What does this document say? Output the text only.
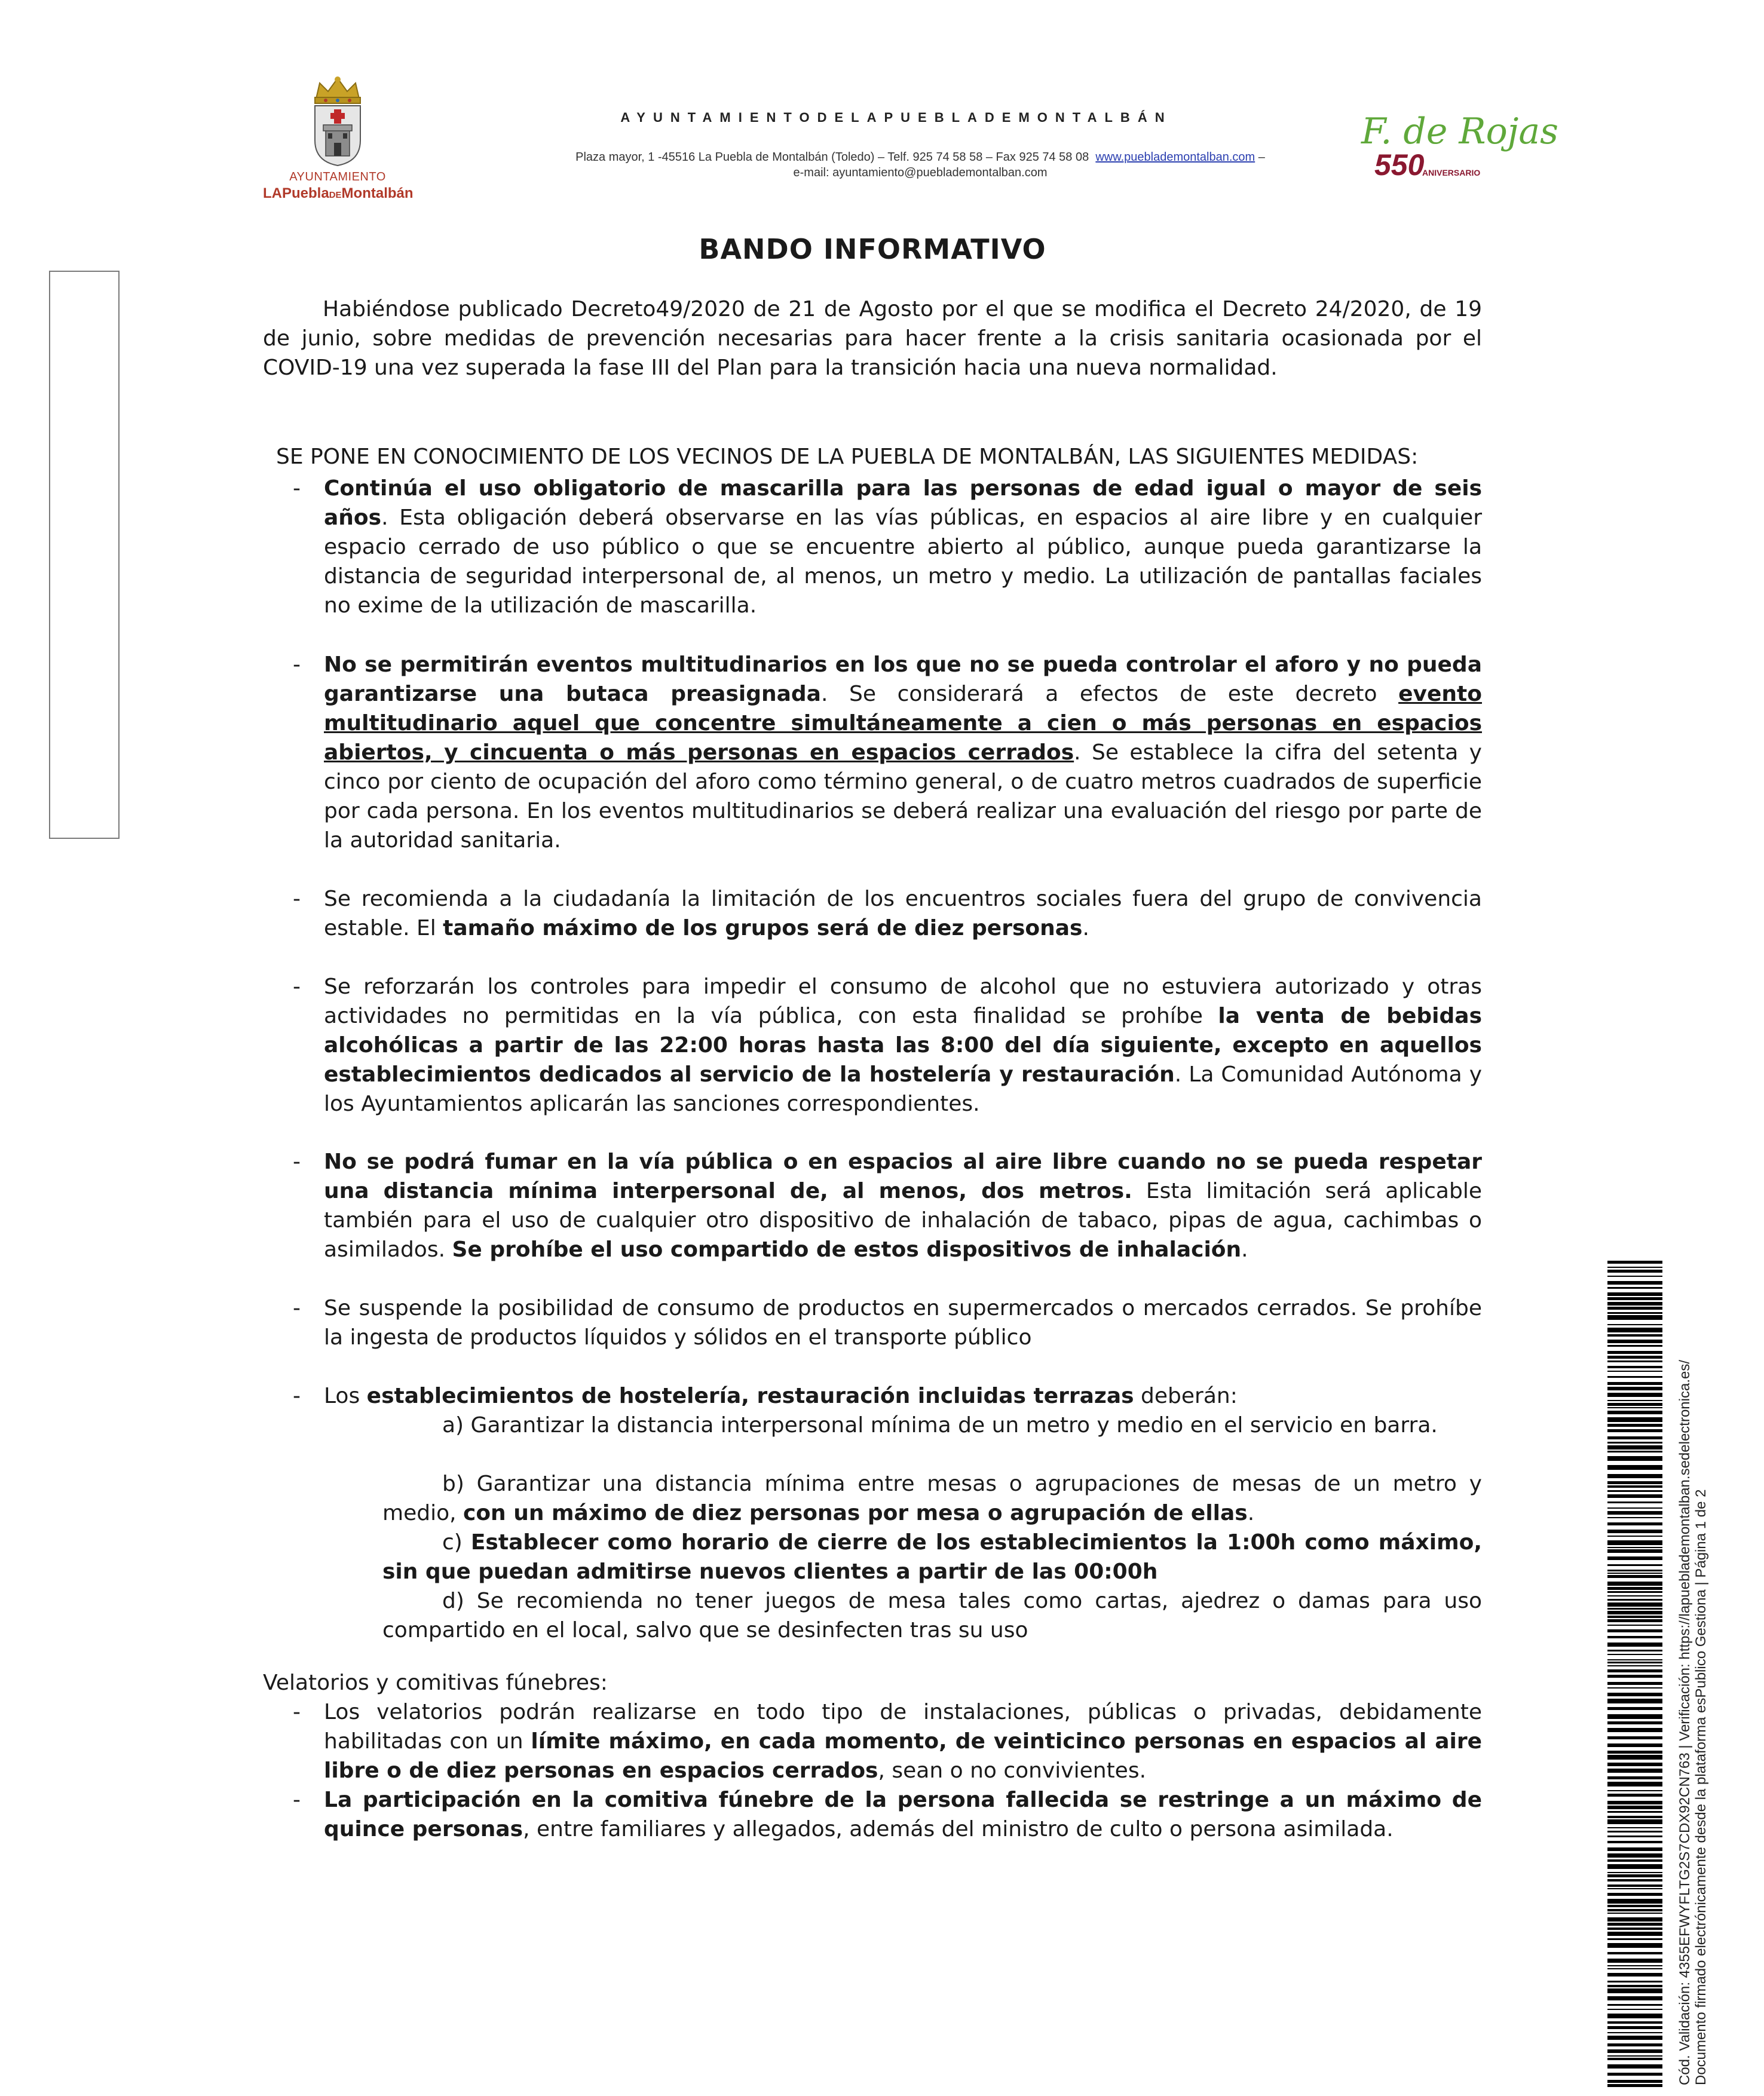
AYUNTAMIENTO
LAPueblaDEMontalbán
AYUNTAMIENTODELAPUEBLADEMONTALBÁN
Plaza mayor, 1 -45516 La Puebla de Montalbán (Toledo) – Telf. 925 74 58 58 – Fax 925 74 58 08 www.pueblademontalban.com –
e-mail: ayuntamiento@pueblademontalban.com
F. de Rojas
550
ANIVERSARIO
BANDO INFORMATIVO
Habiéndose publicado Decreto49/2020 de 21 de Agosto por el que se modifica el Decreto 24/2020, de 19 de junio, sobre medidas de prevención necesarias para hacer frente a la crisis sanitaria ocasionada por el COVID-19 una vez superada la fase III del Plan para la transición hacia una nueva normalidad.
SE PONE EN CONOCIMIENTO DE LOS VECINOS DE LA PUEBLA DE MONTALBÁN, LAS SIGUIENTES MEDIDAS:
- Continúa el uso obligatorio de mascarilla para las personas de edad igual o mayor de seis años. Esta obligación deberá observarse en las vías públicas, en espacios al aire libre y en cualquier espacio cerrado de uso público o que se encuentre abierto al público, aunque pueda garantizarse la distancia de seguridad interpersonal de, al menos, un metro y medio. La utilización de pantallas faciales no exime de la utilización de mascarilla.
- No se permitirán eventos multitudinarios en los que no se pueda controlar el aforo y no pueda garantizarse una butaca preasignada. Se considerará a efectos de este decreto evento multitudinario aquel que concentre simultáneamente a cien o más personas en espacios abiertos, y cincuenta o más personas en espacios cerrados. Se establece la cifra del setenta y cinco por ciento de ocupación del aforo como término general, o de cuatro metros cuadrados de superficie por cada persona. En los eventos multitudinarios se deberá realizar una evaluación del riesgo por parte de la autoridad sanitaria.
- Se recomienda a la ciudadanía la limitación de los encuentros sociales fuera del grupo de convivencia estable. El tamaño máximo de los grupos será de diez personas.
- Se reforzarán los controles para impedir el consumo de alcohol que no estuviera autorizado y otras actividades no permitidas en la vía pública, con esta finalidad se prohíbe la venta de bebidas alcohólicas a partir de las 22:00 horas hasta las 8:00 del día siguiente, excepto en aquellos establecimientos dedicados al servicio de la hostelería y restauración. La Comunidad Autónoma y los Ayuntamientos aplicarán las sanciones correspondientes.
- No se podrá fumar en la vía pública o en espacios al aire libre cuando no se pueda respetar una distancia mínima interpersonal de, al menos, dos metros. Esta limitación será aplicable también para el uso de cualquier otro dispositivo de inhalación de tabaco, pipas de agua, cachimbas o asimilados. Se prohíbe el uso compartido de estos dispositivos de inhalación.
- Se suspende la posibilidad de consumo de productos en supermercados o mercados cerrados. Se prohíbe la ingesta de productos líquidos y sólidos en el transporte público
- Los establecimientos de hostelería, restauración incluidas terrazas deberán:
a) Garantizar la distancia interpersonal mínima de un metro y medio en el servicio en barra.
b) Garantizar una distancia mínima entre mesas o agrupaciones de mesas de un metro y medio, con un máximo de diez personas por mesa o agrupación de ellas.
c) Establecer como horario de cierre de los establecimientos la 1:00h como máximo, sin que puedan admitirse nuevos clientes a partir de las 00:00h
d) Se recomienda no tener juegos de mesa tales como cartas, ajedrez o damas para uso compartido en el local, salvo que se desinfecten tras su uso
Velatorios y comitivas fúnebres:
- Los velatorios podrán realizarse en todo tipo de instalaciones, públicas o privadas, debidamente habilitadas con un límite máximo, en cada momento, de veinticinco personas en espacios al aire libre o de diez personas en espacios cerrados, sean o no convivientes.
- La participación en la comitiva fúnebre de la persona fallecida se restringe a un máximo de quince personas, entre familiares y allegados, además del ministro de culto o persona asimilada.	Cód. Validación: 4355EFWYFLTG2S7CDX92CN763 | Verificación: https://lapueblademontalban.sedelectronica.es/ Documento firmado electrónicamente desde la plataforma esPublico Gestiona | Página 1 de 2
